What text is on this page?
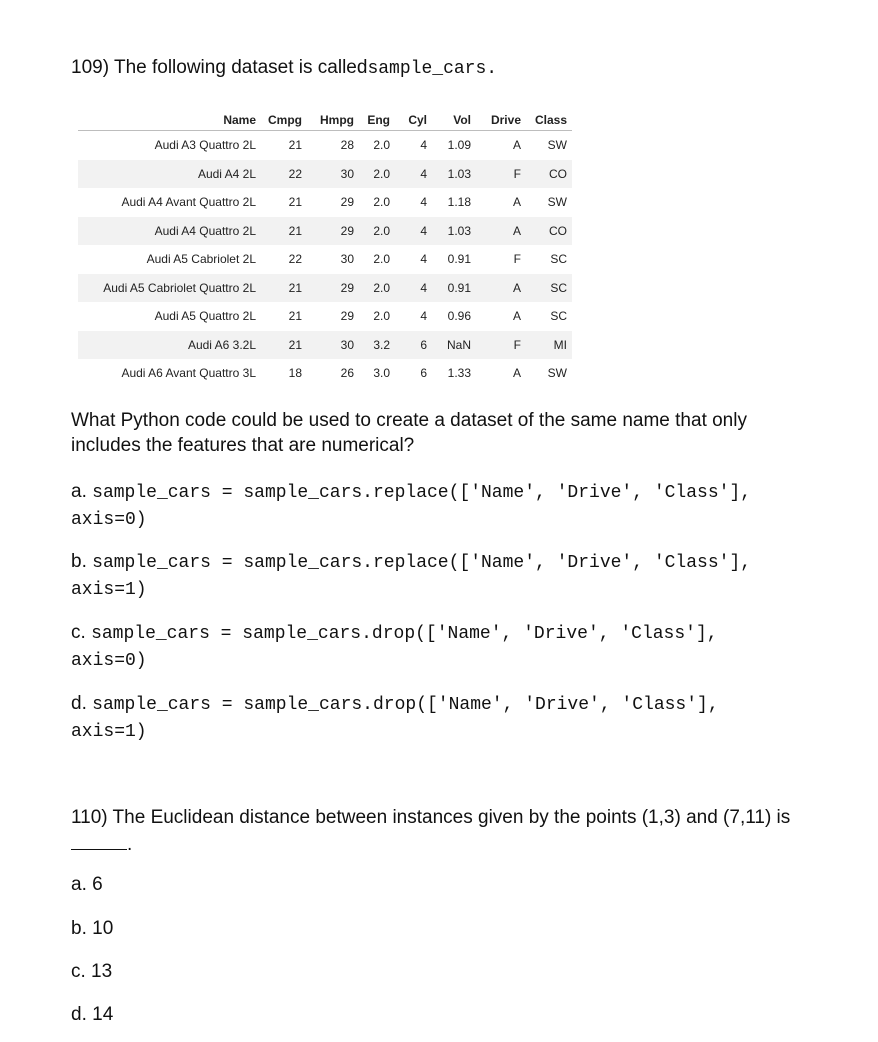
109) The following dataset is calledsample_cars.
Name	Cmpg	Hmpg	Eng	Cyl	Vol	Drive	Class
Audi A3 Quattro 2L	21	28	2.0	4	1.09	A	SW
Audi A4 2L	22	30	2.0	4	1.03	F	CO
Audi A4 Avant Quattro 2L	21	29	2.0	4	1.18	A	SW
Audi A4 Quattro 2L	21	29	2.0	4	1.03	A	CO
Audi A5 Cabriolet 2L	22	30	2.0	4	0.91	F	SC
Audi A5 Cabriolet Quattro 2L	21	29	2.0	4	0.91	A	SC
Audi A5 Quattro 2L	21	29	2.0	4	0.96	A	SC
Audi A6 3.2L	21	30	3.2	6	NaN	F	MI
Audi A6 Avant Quattro 3L	18	26	3.0	6	1.33	A	SW
What Python code could be used to create a dataset of the same name that only includes the features that are numerical?
a. sample_cars = sample_cars.replace(['Name', 'Drive', 'Class'],
axis=0)
b. sample_cars = sample_cars.replace(['Name', 'Drive', 'Class'],
axis=1)
c. sample_cars = sample_cars.drop(['Name', 'Drive', 'Class'],
axis=0)
d. sample_cars = sample_cars.drop(['Name', 'Drive', 'Class'],
axis=1)
110) The Euclidean distance between instances given by the points (1,3) and (7,11) is
.
a. 6
b. 10
c. 13
d. 14
